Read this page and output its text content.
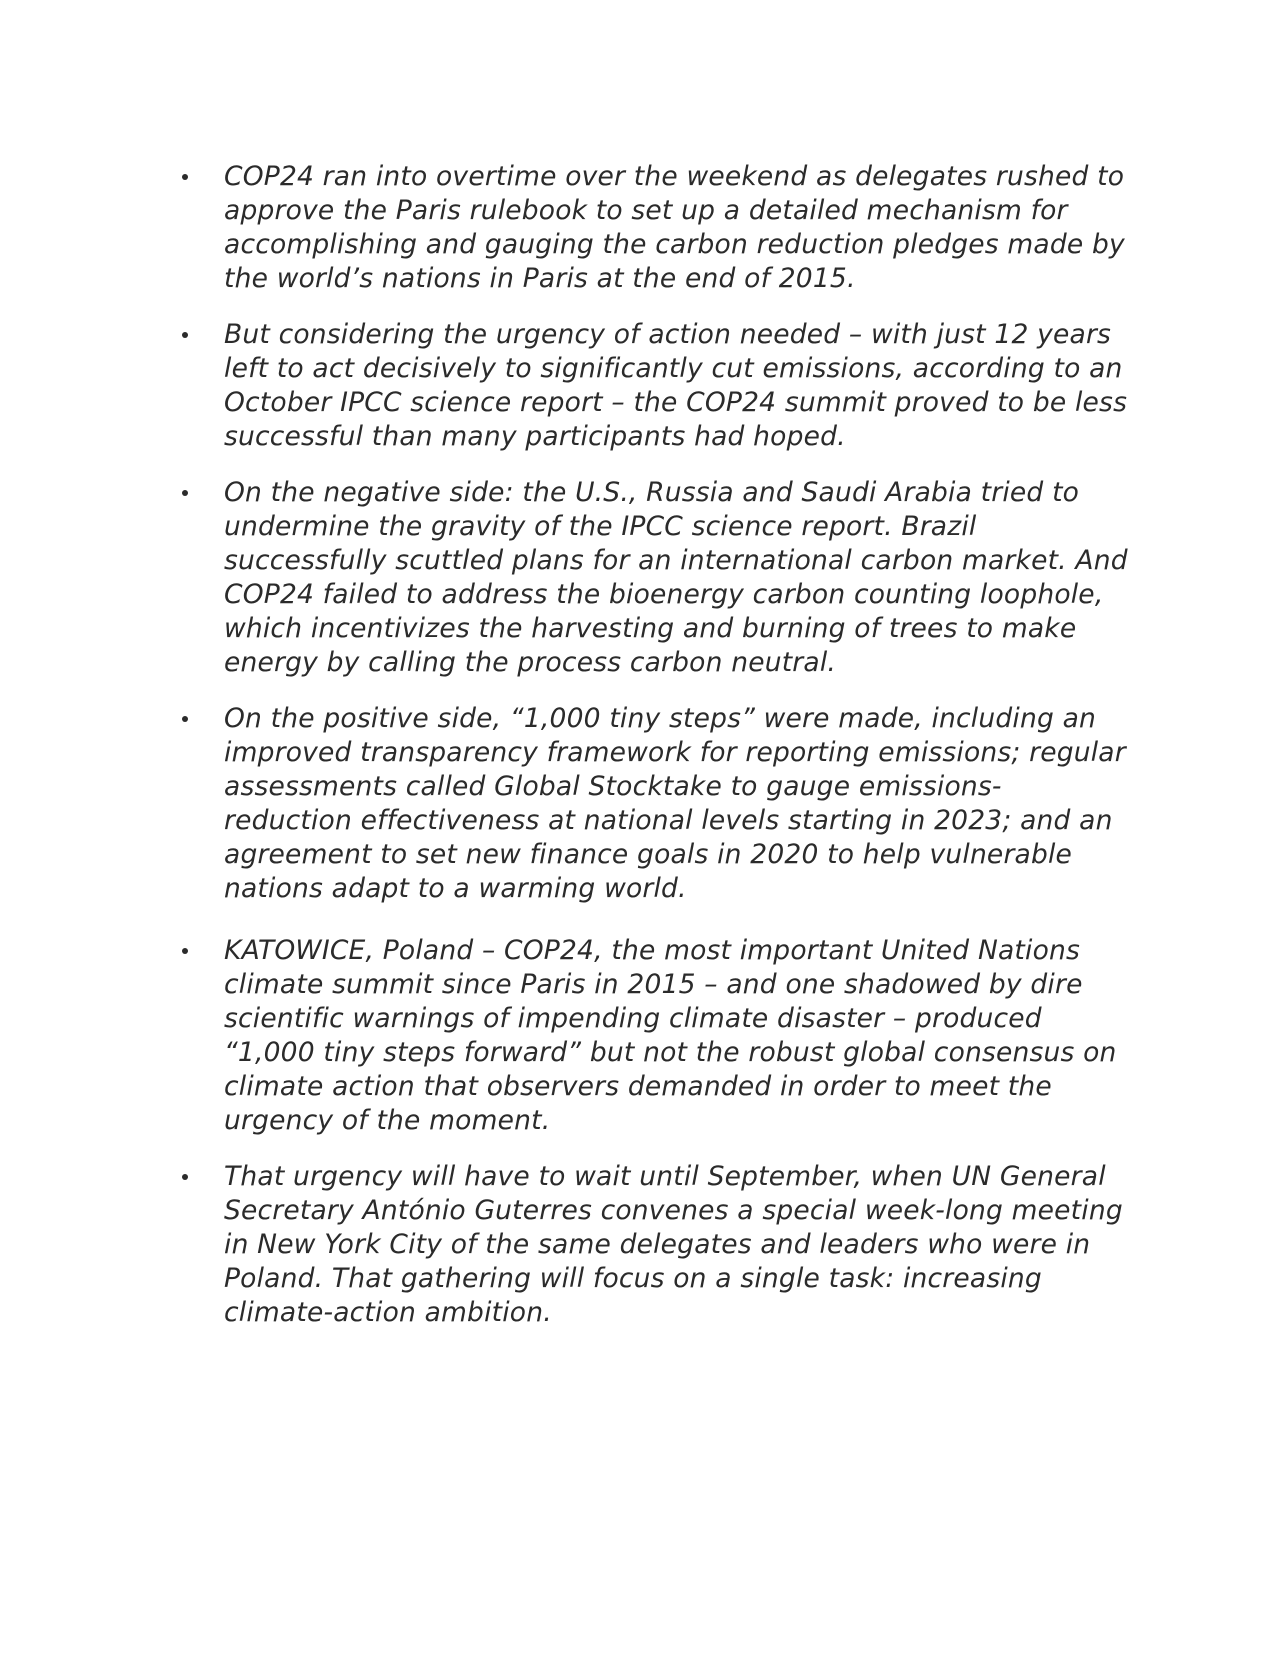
COP24 ran into overtime over the weekend as delegates rushed to approve the Paris rulebook to set up a detailed mechanism for accomplishing and gauging the carbon reduction pledges made by the world’s nations in Paris at the end of 2015.
But considering the urgency of action needed – with just 12 years left to act decisively to significantly cut emissions, according to an October IPCC science report – the COP24 summit proved to be less successful than many participants had hoped.
On the negative side: the U.S., Russia and Saudi Arabia tried to undermine the gravity of the IPCC science report. Brazil successfully scuttled plans for an international carbon market. And COP24 failed to address the bioenergy carbon counting loophole, which incentivizes the harvesting and burning of trees to make energy by calling the process carbon neutral.
On the positive side, “1,000 tiny steps” were made, including an improved transparency framework for reporting emissions; regular assessments called Global Stocktake to gauge emissions-reduction effectiveness at national levels starting in 2023; and an agreement to set new finance goals in 2020 to help vulnerable nations adapt to a warming world.
KATOWICE, Poland – COP24, the most important United Nations climate summit since Paris in 2015 – and one shadowed by dire scientific warnings of impending climate disaster – produced “1,000 tiny steps forward” but not the robust global consensus on climate action that observers demanded in order to meet the urgency of the moment.
That urgency will have to wait until September, when UN General Secretary António Guterres convenes a special week-long meeting in New York City of the same delegates and leaders who were in Poland. That gathering will focus on a single task: increasing climate-action ambition.
